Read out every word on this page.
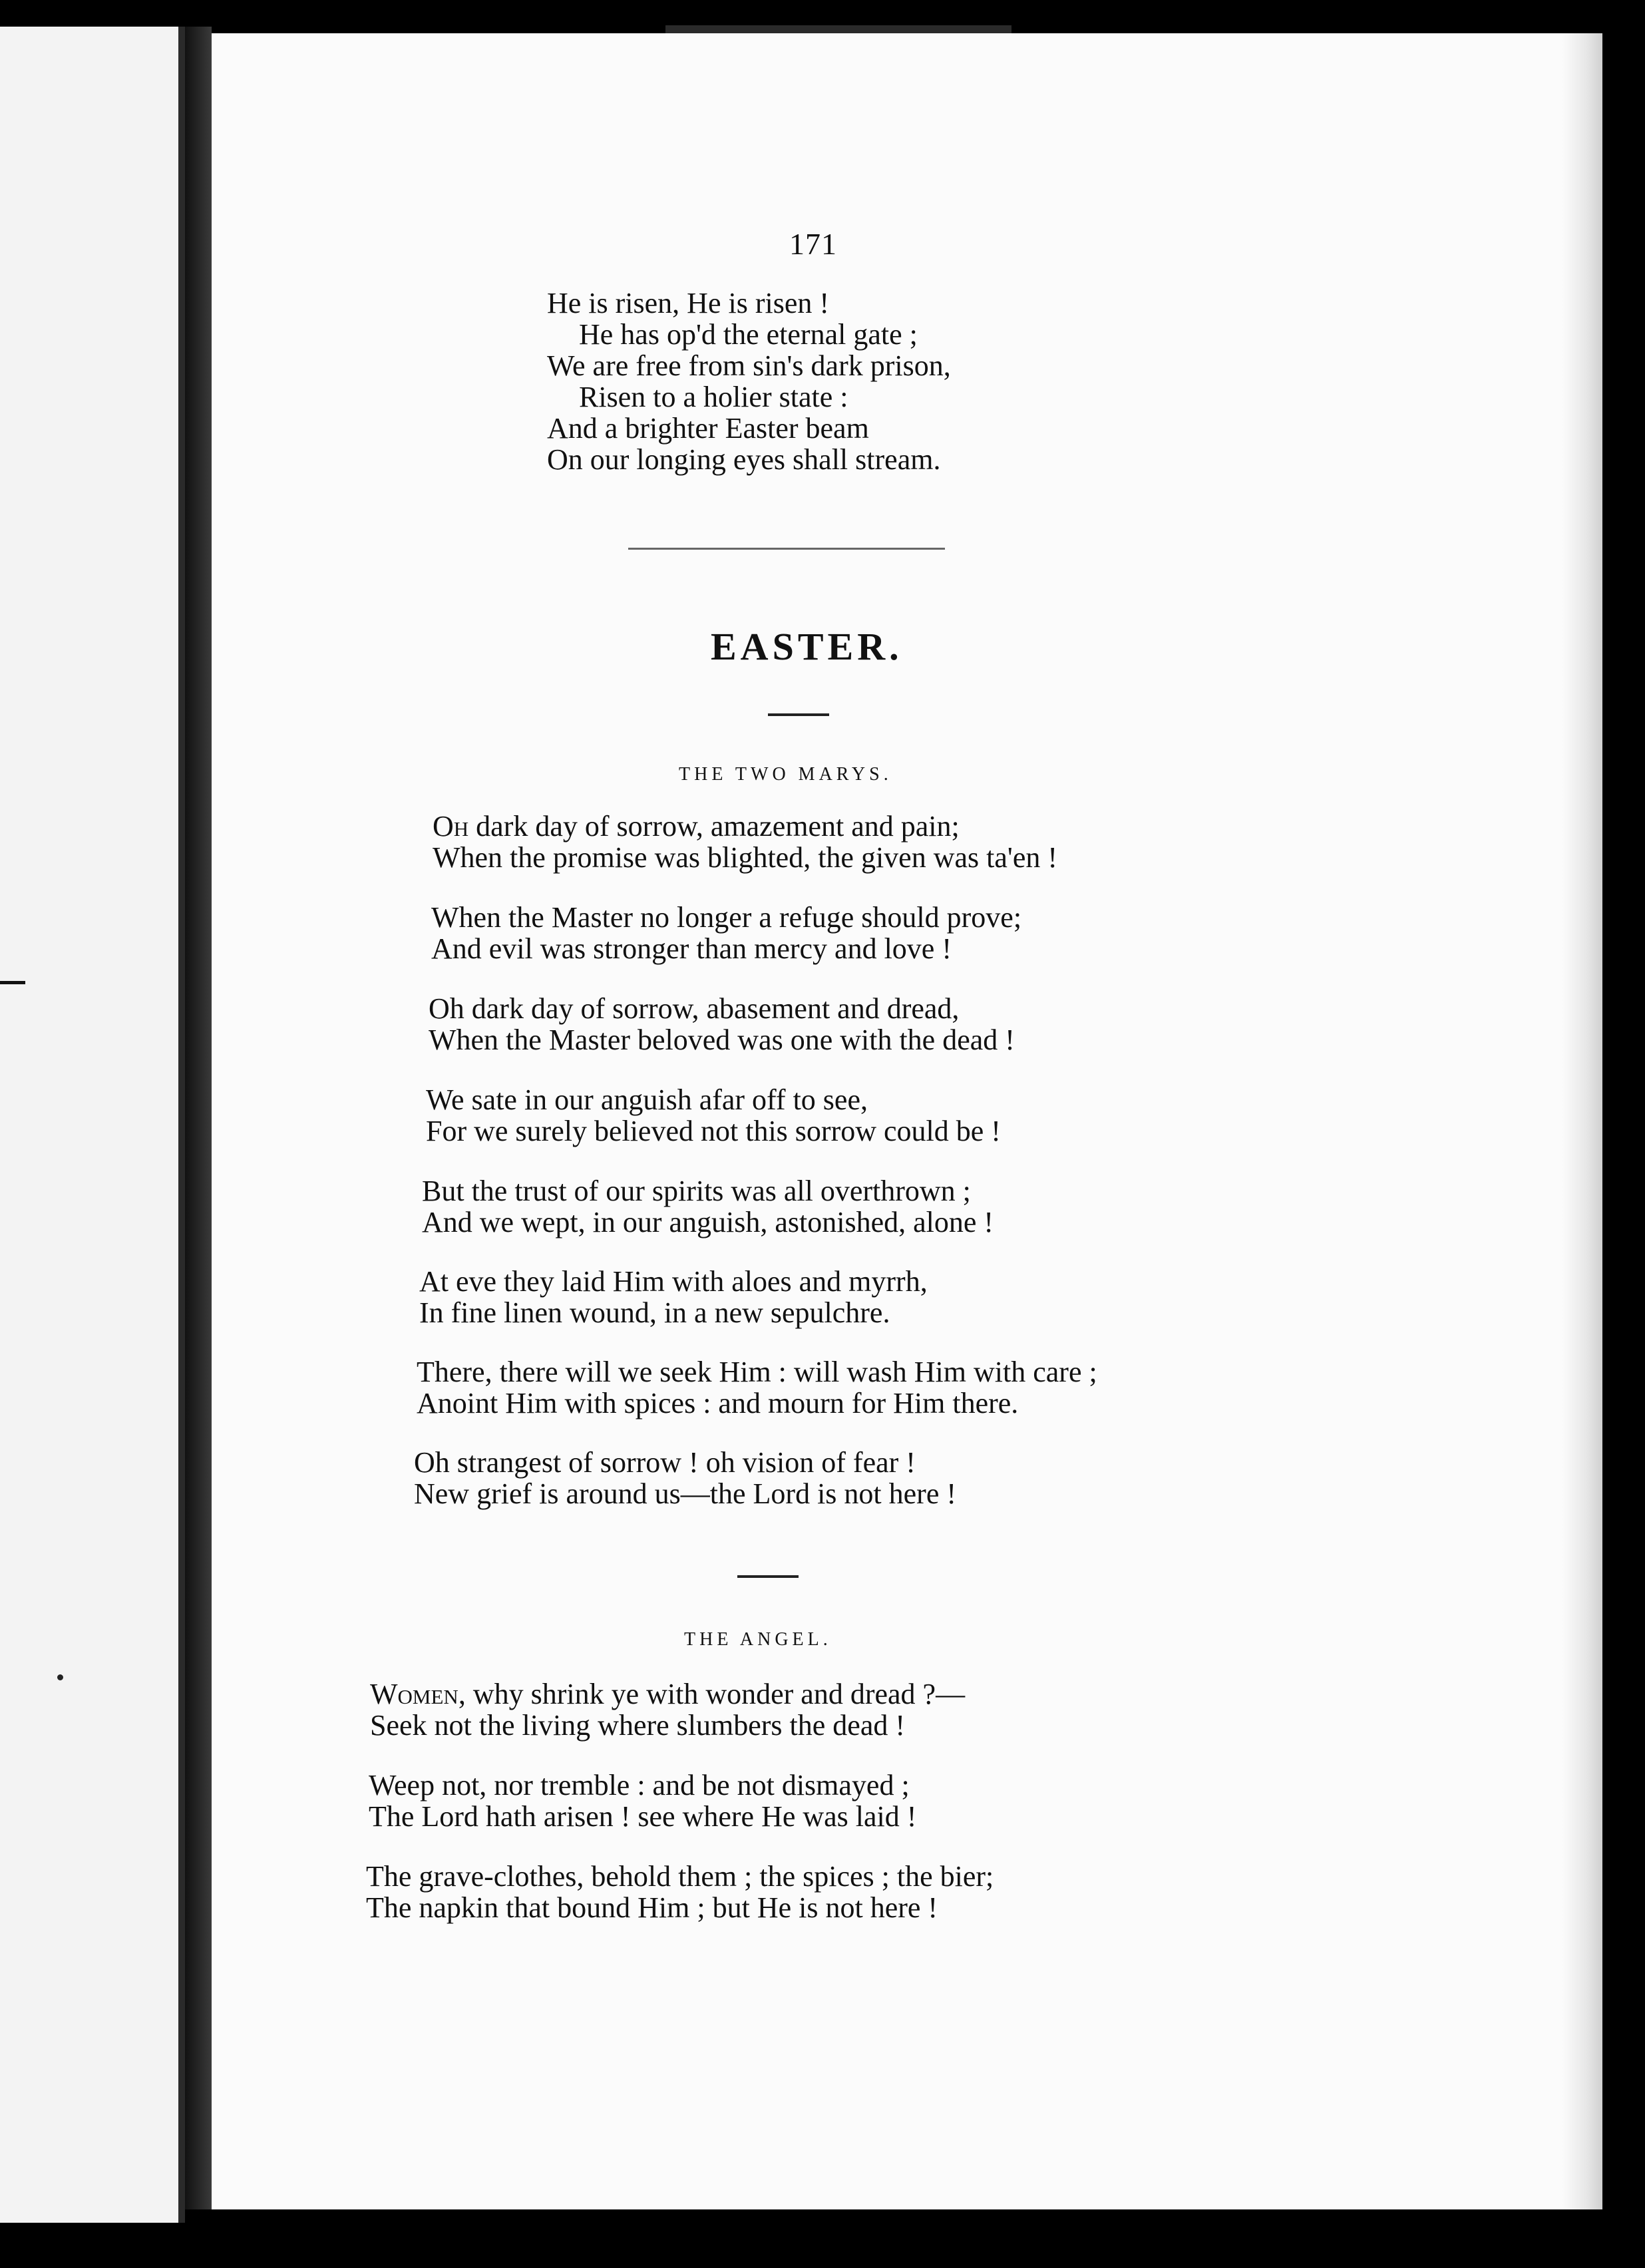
171
He is risen, He is risen !
He has op'd the eternal gate ;
We are free from sin's dark prison,
Risen to a holier state :
And a brighter Easter beam
On our longing eyes shall stream.
EASTER.
THE TWO MARYS.
Oh dark day of sorrow, amazement and pain;
When the promise was blighted, the given was ta'en !
When the Master no longer a refuge should prove;
And evil was stronger than mercy and love !
Oh dark day of sorrow, abasement and dread,
When the Master beloved was one with the dead !
We sate in our anguish afar off to see,
For we surely believed not this sorrow could be !
But the trust of our spirits was all overthrown ;
And we wept, in our anguish, astonished, alone !
At eve they laid Him with aloes and myrrh,
In fine linen wound, in a new sepulchre.
There, there will we seek Him : will wash Him with care ;
Anoint Him with spices : and mourn for Him there.
Oh strangest of sorrow ! oh vision of fear !
New grief is around us—the Lord is not here !
THE ANGEL.
Women, why shrink ye with wonder and dread ?—
Seek not the living where slumbers the dead !
Weep not, nor tremble : and be not dismayed ;
The Lord hath arisen ! see where He was laid !
The grave-clothes, behold them ; the spices ; the bier;
The napkin that bound Him ; but He is not here !
